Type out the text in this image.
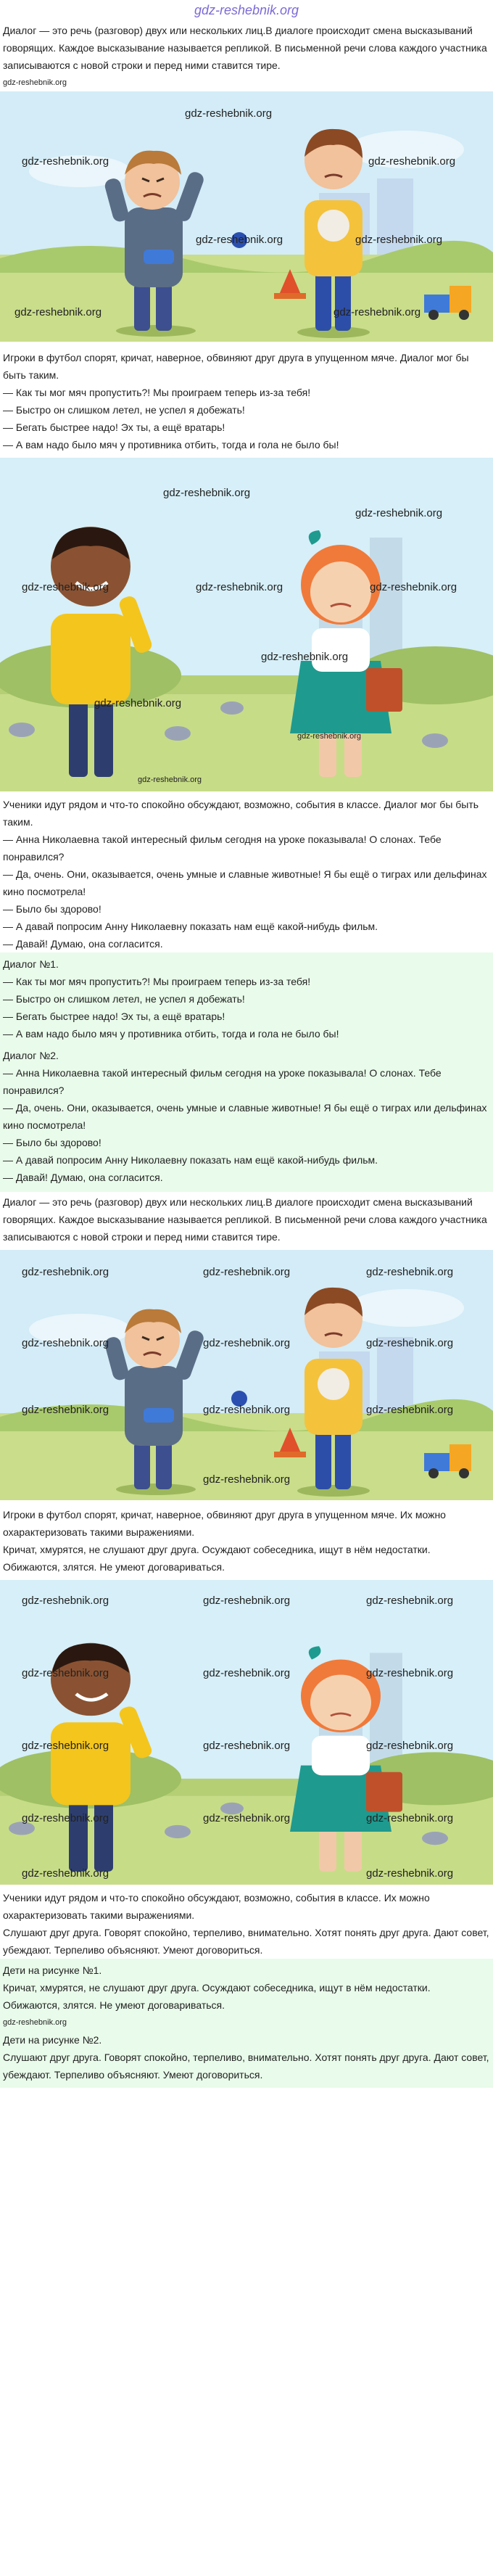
gdz-reshebnik.org

Диалог — это речь (разговор) двух или нескольких лиц.В диалоге происходит смена высказываний говорящих. Каждое высказывание называется репликой. В письменной речи слова каждого участника записываются с новой строки и перед ними ставится тире.

gdz-reshebnik.org
gdz-reshebnik.org
gdz-reshebnik.org	gdz-reshebnik.org
gdz-reshebnik.org	gdz-reshebnik.org
gdz-reshebnik.org	gdz-reshebnik.org

Игроки в футбол спорят, кричат, наверное, обвиняют друг друга в упущенном мяче. Диалог мог бы быть таким.

— Как ты мог мяч пропустить?! Мы проиграем теперь из-за тебя!

— Быстро он слишком летел, не успел я добежать!

— Бегать быстрее надо! Эх ты, а ещё вратарь!

— А вам надо было мяч у противника отбить, тогда и гола не было бы!

gdz-reshebnik.org
gdz-reshebnik.org
gdz-reshebnik.org	gdz-reshebnik.org	gdz-reshebnik.org
gdz-reshebnik.org
gdz-reshebnik.org
gdz-reshebnik.org
gdz-reshebnik.org

Ученики идут рядом и что-то спокойно обсуждают, возможно, события в классе. Диалог мог бы быть таким.

— Анна Николаевна такой интересный фильм сегодня на уроке показывала! О слонах. Тебе понравился?

— Да, очень. Они, оказывается, очень умные и славные животные! Я бы ещё о тиграх или дельфинах кино посмотрела!

— Было бы здорово!

— А давай попросим Анну Николаевну показать нам ещё какой-нибудь фильм.

— Давай! Думаю, она согласится.

Диалог №1.

— Как ты мог мяч пропустить?! Мы проиграем теперь из-за тебя!

— Быстро он слишком летел, не успел я добежать!

— Бегать быстрее надо! Эх ты, а ещё вратарь!

— А вам надо было мяч у противника отбить, тогда и гола не было бы!

Диалог №2.

— Анна Николаевна такой интересный фильм сегодня на уроке показывала! О слонах. Тебе понравился?

— Да, очень. Они, оказывается, очень умные и славные животные! Я бы ещё о тиграх или дельфинах кино посмотрела!

— Было бы здорово!

— А давай попросим Анну Николаевну показать нам ещё какой-нибудь фильм.

— Давай! Думаю, она согласится.

Диалог — это речь (разговор) двух или нескольких лиц.В диалоге происходит смена высказываний говорящих. Каждое высказывание называется репликой. В письменной речи слова каждого участника записываются с новой строки и перед ними ставится тире.

gdz-reshebnik.org	gdz-reshebnik.org	gdz-reshebnik.org
gdz-reshebnik.org	gdz-reshebnik.org	gdz-reshebnik.org
gdz-reshebnik.org	gdz-reshebnik.org	gdz-reshebnik.org
gdz-reshebnik.org

Игроки в футбол спорят, кричат, наверное, обвиняют друг друга в упущенном мяче. Их можно охарактеризовать такими выражениями.

Кричат, хмурятся, не слушают друг друга. Осуждают собеседника, ищут в нём недостатки. Обижаются, злятся. Не умеют договариваться.

gdz-reshebnik.org	gdz-reshebnik.org	gdz-reshebnik.org
gdz-reshebnik.org	gdz-reshebnik.org	gdz-reshebnik.org
gdz-reshebnik.org	gdz-reshebnik.org	gdz-reshebnik.org
gdz-reshebnik.org	gdz-reshebnik.org	gdz-reshebnik.org
gdz-reshebnik.org	gdz-reshebnik.org

Ученики идут рядом и что-то спокойно обсуждают, возможно, события в классе. Их можно охарактеризовать такими выражениями.

Слушают друг друга. Говорят спокойно, терпеливо, внимательно. Хотят понять друг друга. Дают совет, убеждают. Терпеливо объясняют. Умеют договориться.

Дети на рисунке №1.

Кричат, хмурятся, не слушают друг друга. Осуждают собеседника, ищут в нём недостатки. Обижаются, злятся. Не умеют договариваться.

gdz-reshebnik.org

Дети на рисунке №2.

Слушают друг друга. Говорят спокойно, терпеливо, внимательно. Хотят понять друг друга. Дают совет, убеждают. Терпеливо объясняют. Умеют договориться.
